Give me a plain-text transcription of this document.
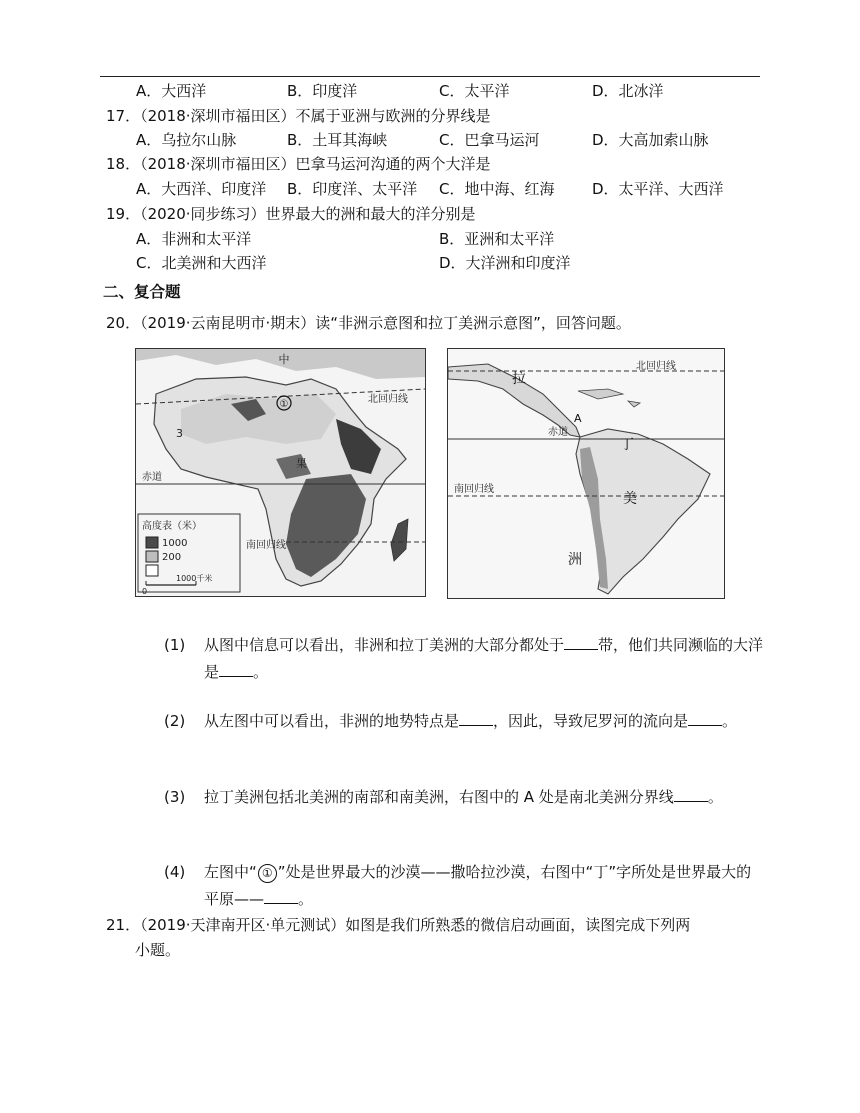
A．大西洋	B．印度洋	C．太平洋	D．北冰洋
17．（2018·深圳市福田区）不属于亚洲与欧洲的分界线是
A．乌拉尔山脉	B．土耳其海峡	C．巴拿马运河	D．大高加索山脉
18．（2018·深圳市福田区）巴拿马运河沟通的两个大洋是
A．大西洋、印度洋 B．印度洋、太平洋 C．地中海、红海	D．太平洋、大西洋
19．（2020·同步练习）世界最大的洲和最大的洋分别是
A．非洲和太平洋	B．亚洲和太平洋
C．北美洲和大西洋	D．大洋洲和印度洋
二、复合题
20．（2019·云南昆明市·期末）读“非洲示意图和拉丁美洲示意图”，回答问题。
中
①	北回归线
3
赤道
南回归线
高度表（米）
1000
200
0
1000千米
果
北回归线
拉
A
赤道
丁
南回归线
美
洲
(1)	从图中信息可以看出，非洲和拉丁美洲的大部分都处于 带，他们共同濒临的大洋是 。
(2)	从左图中可以看出，非洲的地势特点是 ，因此，导致尼罗河的流向是 。
(3)	拉丁美洲包括北美洲的南部和南美洲，右图中的 A 处是南北美洲分界线 。
(4)	左图中“ ① ”处是世界最大的沙漠——撒哈拉沙漠，右图中“丁”字所处是世界最大的平原—— 。
21．（2019·天津南开区·单元测试）如图是我们所熟悉的微信启动画面，读图完成下列两
小题。
